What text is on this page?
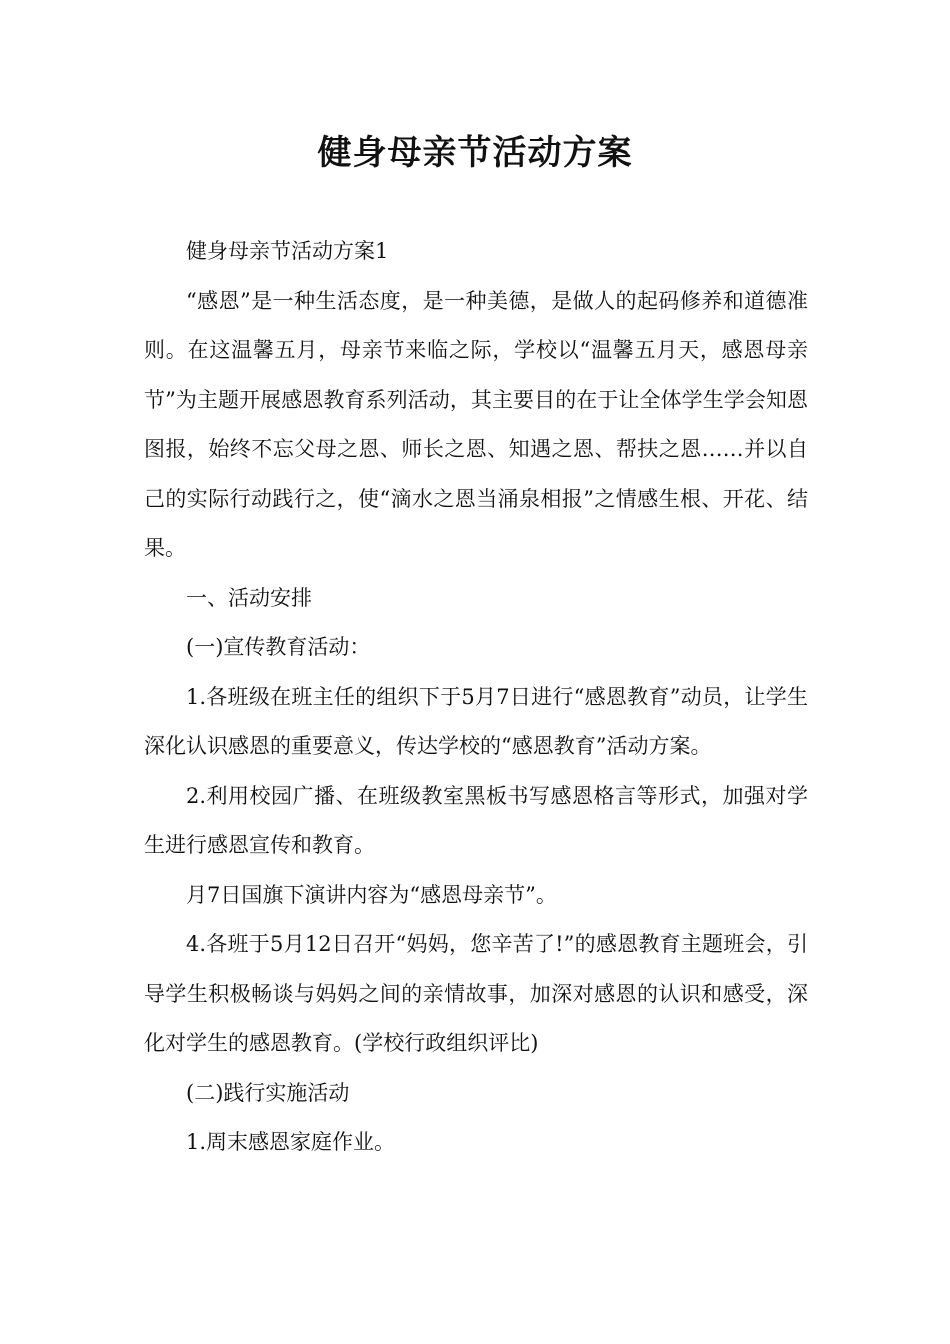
健身母亲节活动方案

健身母亲节活动方案1

“感恩”是一种生活态度，是一种美德，是做人的起码修养和道德准则。在这温馨五月，母亲节来临之际，学校以“温馨五月天，感恩母亲节”为主题开展感恩教育系列活动，其主要目的在于让全体学生学会知恩图报，始终不忘父母之恩、师长之恩、知遇之恩、帮扶之恩……并以自己的实际行动践行之，使“滴水之恩当涌泉相报”之情感生根、开花、结果。

一、活动安排

(一)宣传教育活动：

1.各班级在班主任的组织下于5月7日进行“感恩教育”动员，让学生深化认识感恩的重要意义，传达学校的“感恩教育”活动方案。

2.利用校园广播、在班级教室黑板书写感恩格言等形式，加强对学生进行感恩宣传和教育。

月7日国旗下演讲内容为“感恩母亲节”。

4.各班于5月12日召开“妈妈，您辛苦了!”的感恩教育主题班会，引导学生积极畅谈与妈妈之间的亲情故事，加深对感恩的认识和感受，深化对学生的感恩教育。(学校行政组织评比)

(二)践行实施活动

1.周末感恩家庭作业。
